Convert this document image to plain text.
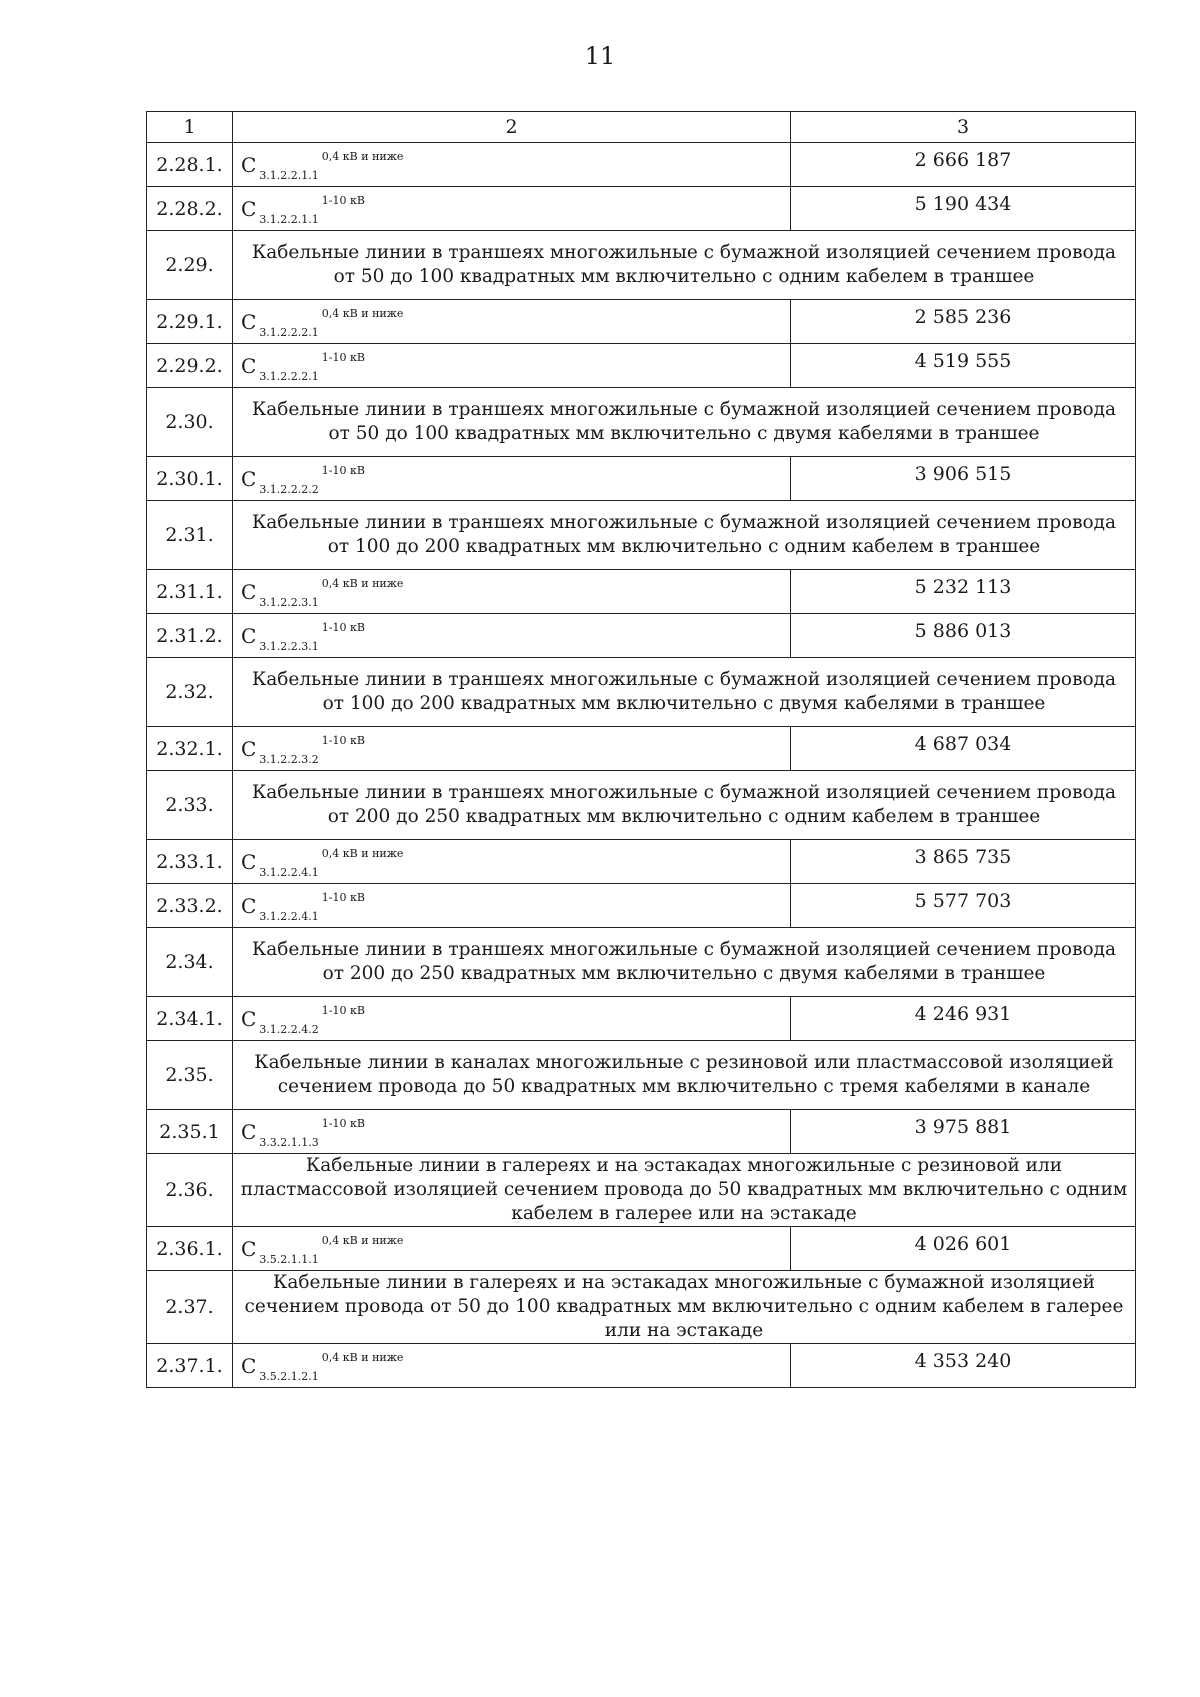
11
1	2	3
2.28.1.	С $_{3.1.2.2.1.1}^{0,4 кВ и ниже}$	2 666 187
2.28.2.	С $_{3.1.2.2.1.1}^{1-10 кВ}$	5 190 434
2.29.	Кабельные линии в траншеях многожильные с бумажной изоляцией сечением провода от 50 до 100 квадратных мм включительно с одним кабелем в траншее	
2.29.1.	С $_{3.1.2.2.2.1}^{0,4 кВ и ниже}$	2 585 236
2.29.2.	С $_{3.1.2.2.2.1}^{1-10 кВ}$	4 519 555
2.30.	Кабельные линии в траншеях многожильные с бумажной изоляцией сечением провода от 50 до 100 квадратных мм включительно с двумя кабелями в траншее	
2.30.1.	С $_{3.1.2.2.2.2}^{1-10 кВ}$	3 906 515
2.31.	Кабельные линии в траншеях многожильные с бумажной изоляцией сечением провода от 100 до 200 квадратных мм включительно с одним кабелем в траншее	
2.31.1.	С $_{3.1.2.2.3.1}^{0,4 кВ и ниже}$	5 232 113
2.31.2.	С $_{3.1.2.2.3.1}^{1-10 кВ}$	5 886 013
2.32.	Кабельные линии в траншеях многожильные с бумажной изоляцией сечением провода от 100 до 200 квадратных мм включительно с двумя кабелями в траншее	
2.32.1.	С $_{3.1.2.2.3.2}^{1-10 кВ}$	4 687 034
2.33.	Кабельные линии в траншеях многожильные с бумажной изоляцией сечением провода от 200 до 250 квадратных мм включительно с одним кабелем в траншее	
2.33.1.	С $_{3.1.2.2.4.1}^{0,4 кВ и ниже}$	3 865 735
2.33.2.	С $_{3.1.2.2.4.1}^{1-10 кВ}$	5 577 703
2.34.	Кабельные линии в траншеях многожильные с бумажной изоляцией сечением провода от 200 до 250 квадратных мм включительно с двумя кабелями в траншее	
2.34.1.	С $_{3.1.2.2.4.2}^{1-10 кВ}$	4 246 931
2.35.	Кабельные линии в каналах многожильные с резиновой или пластмассовой изоляцией сечением провода до 50 квадратных мм включительно с тремя кабелями в канале	
2.35.1	С $_{3.3.2.1.1.3}^{1-10 кВ}$	3 975 881
2.36.	Кабельные линии в галереях и на эстакадах многожильные с резиновой или пластмассовой изоляцией сечением провода до 50 квадратных мм включительно с одним кабелем в галерее или на эстакаде	
2.36.1.	С $_{3.5.2.1.1.1}^{0,4 кВ и ниже}$	4 026 601
2.37.	Кабельные линии в галереях и на эстакадах многожильные с бумажной изоляцией сечением провода от 50 до 100 квадратных мм включительно с одним кабелем в галерее или на эстакаде	
2.37.1.	С $_{3.5.2.1.2.1}^{0,4 кВ и ниже}$	4 353 240
